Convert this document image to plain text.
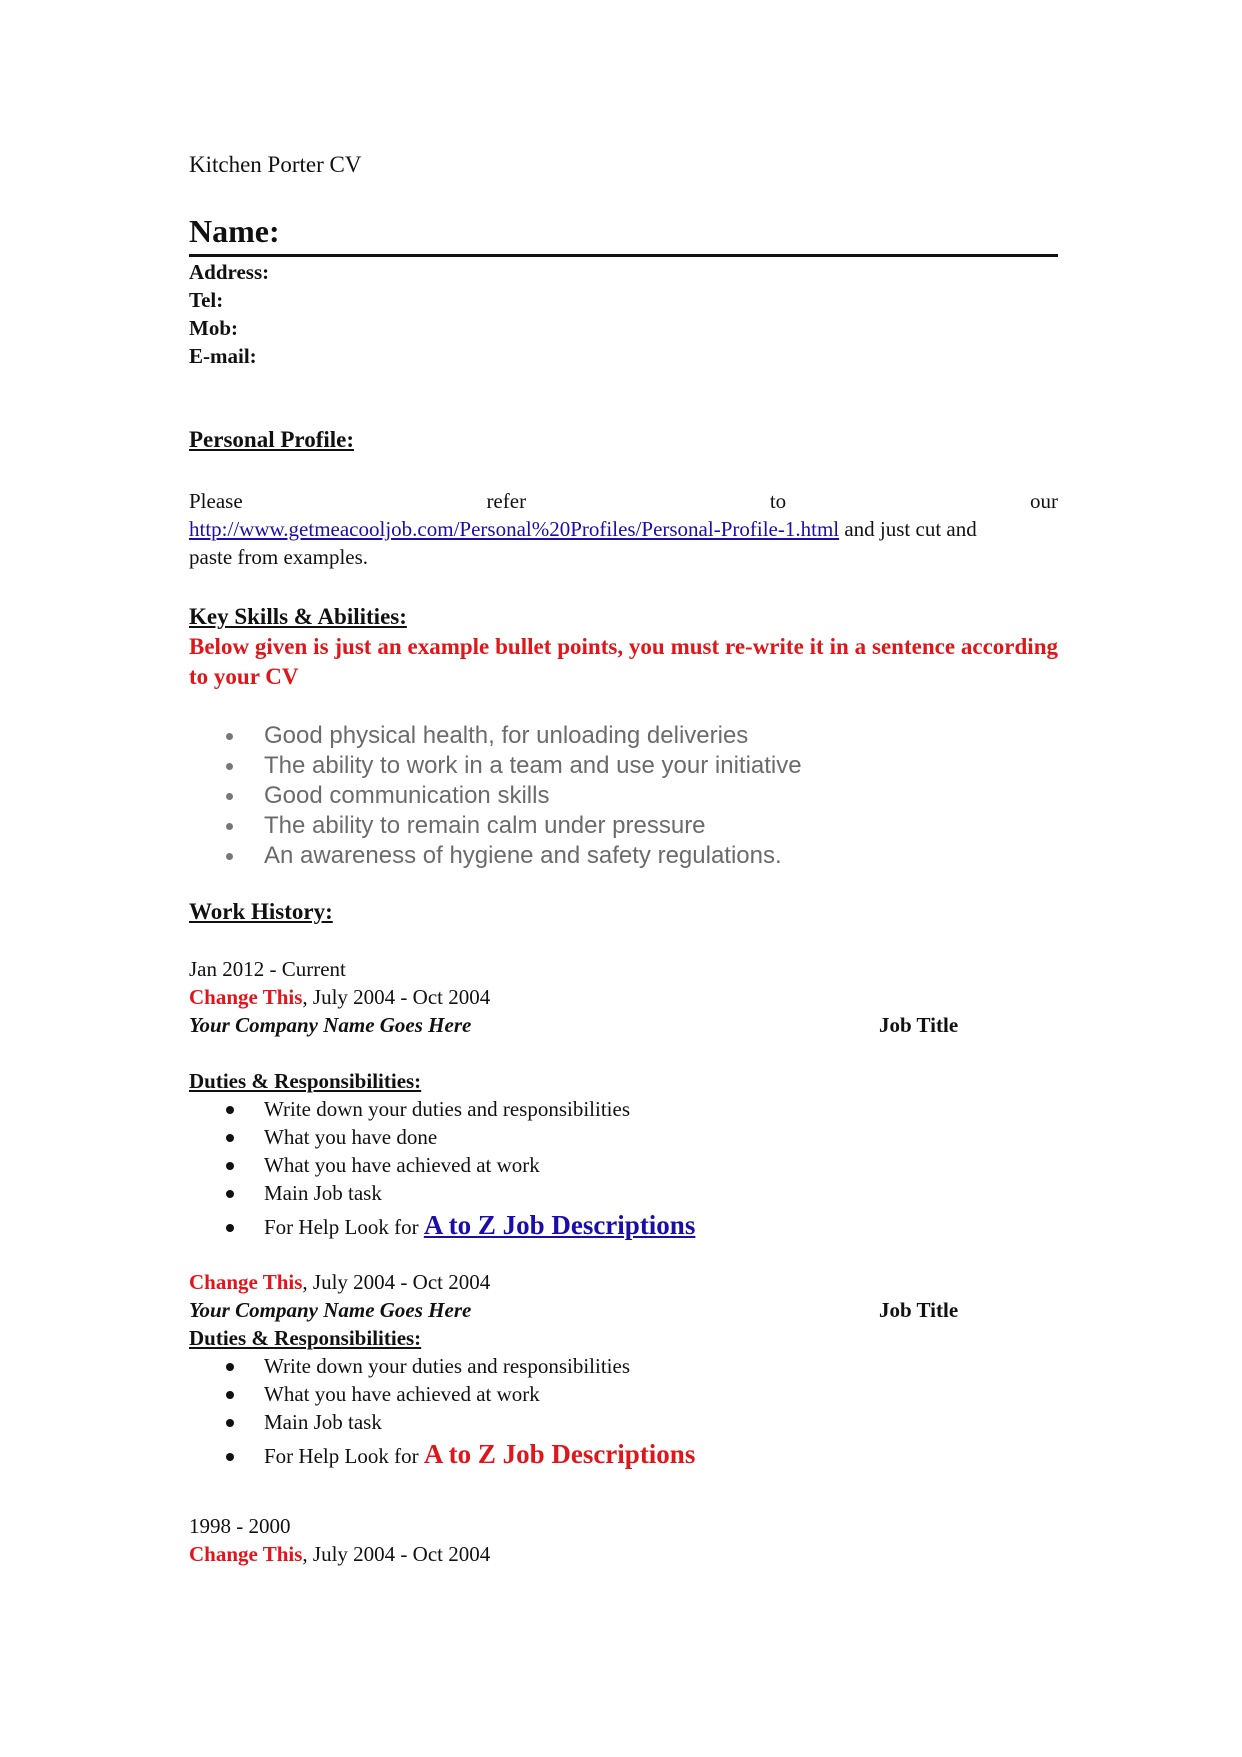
Kitchen Porter CV
Name:
Address:
Tel:
Mob:
E-mail:
Personal Profile:
Please	refer	to	our
http://www.getmeacooljob.com/Personal%20Profiles/Personal-Profile-1.html and just cut and
paste from examples.
Key Skills & Abilities:
Below given is just an example bullet points, you must re-write it in a sentence according to your CV
Good physical health, for unloading deliveries
The ability to work in a team and use your initiative
Good communication skills
The ability to remain calm under pressure
An awareness of hygiene and safety regulations.
Work History:
Jan 2012 - Current
Change This, July 2004 - Oct 2004
Your Company Name Goes Here	Job Title
Duties & Responsibilities:
Write down your duties and responsibilities
What you have done
What you have achieved at work
Main Job task
For Help Look for A to Z Job Descriptions
Change This, July 2004 - Oct 2004
Your Company Name Goes Here	Job Title
Duties & Responsibilities:
Write down your duties and responsibilities
What you have achieved at work
Main Job task
For Help Look for A to Z Job Descriptions
1998 - 2000
Change This, July 2004 - Oct 2004
